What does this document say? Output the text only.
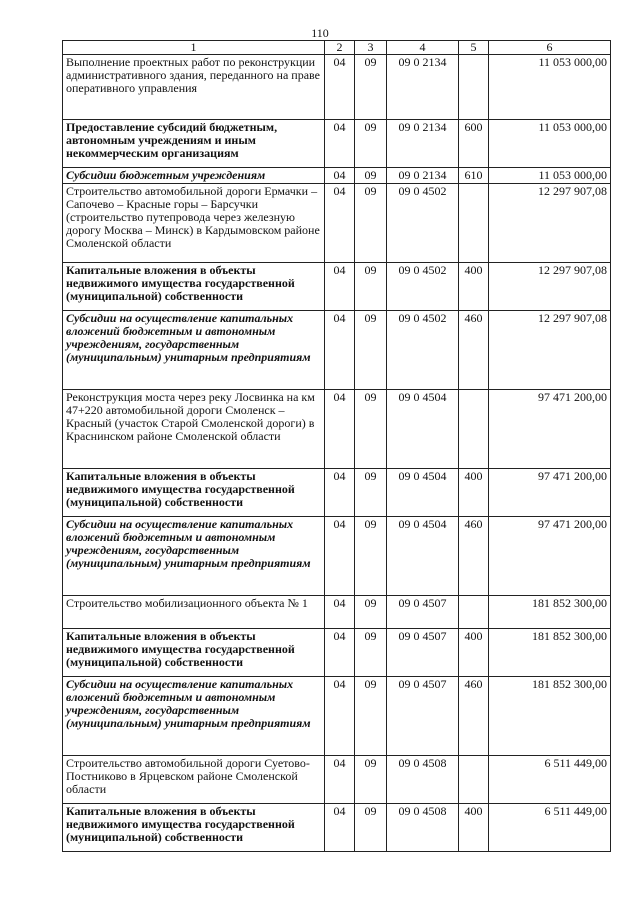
110
1	2	3	4	5	6
Выполнение проектных работ по реконструкции административного здания, переданного на праве оперативного управления	04	09	09 0 2134		11 053 000,00
Предоставление субсидий бюджетным, автономным учреждениям и иным некоммерческим организациям	04	09	09 0 2134	600	11 053 000,00
Субсидии бюджетным учреждениям	04	09	09 0 2134	610	11 053 000,00
Строительство автомобильной дороги Ермачки – Сапочево – Красные горы – Барсучки (строительство путепровода через железную дорогу Москва – Минск) в Кардымовском районе Смоленской области	04	09	09 0 4502		12 297 907,08
Капитальные вложения в объекты недвижимого имущества государственной (муниципальной) собственности	04	09	09 0 4502	400	12 297 907,08
Субсидии на осуществление капитальных вложений бюджетным и автономным учреждениям, государственным (муниципальным) унитарным предприятиям	04	09	09 0 4502	460	12 297 907,08
Реконструкция моста через реку Лосвинка на км 47+220 автомобильной дороги Смоленск – Красный (участок Старой Смоленской дороги) в Краснинском районе Смоленской области	04	09	09 0 4504		97 471 200,00
Капитальные вложения в объекты недвижимого имущества государственной (муниципальной) собственности	04	09	09 0 4504	400	97 471 200,00
Субсидии на осуществление капитальных вложений бюджетным и автономным учреждениям, государственным (муниципальным) унитарным предприятиям	04	09	09 0 4504	460	97 471 200,00
Строительство мобилизационного объекта № 1	04	09	09 0 4507		181 852 300,00
Капитальные вложения в объекты недвижимого имущества государственной (муниципальной) собственности	04	09	09 0 4507	400	181 852 300,00
Субсидии на осуществление капитальных вложений бюджетным и автономным учреждениям, государственным (муниципальным) унитарным предприятиям	04	09	09 0 4507	460	181 852 300,00
Строительство автомобильной дороги Суетово-Постниково в Ярцевском районе Смоленской области	04	09	09 0 4508		6 511 449,00
Капитальные вложения в объекты недвижимого имущества государственной (муниципальной) собственности	04	09	09 0 4508	400	6 511 449,00
